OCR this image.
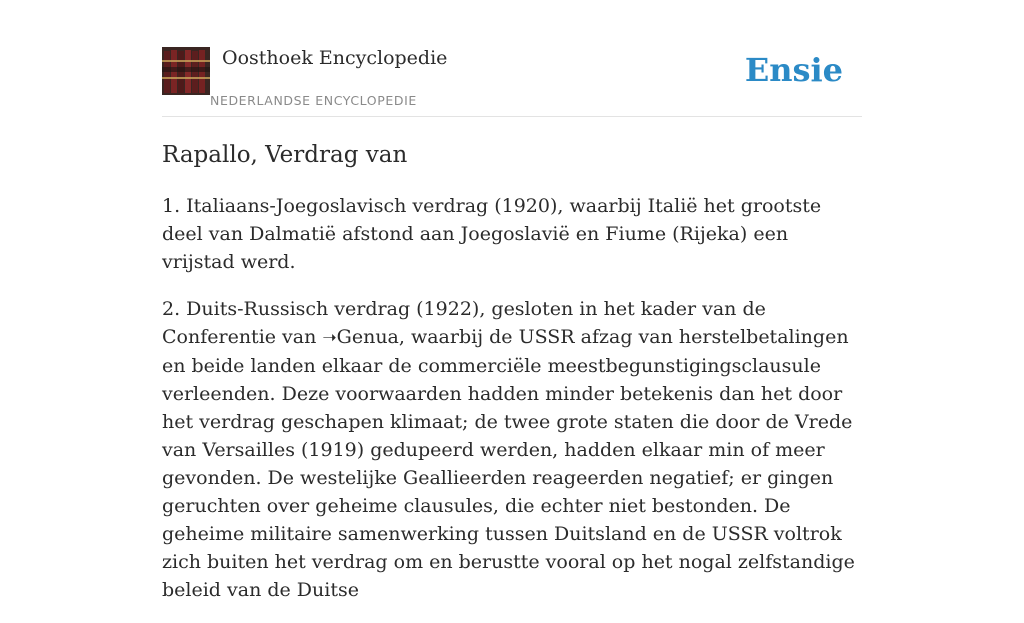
Oosthoek Encyclopedie
NEDERLANDSE ENCYCLOPEDIE
Ensie
Rapallo, Verdrag van

1. Italiaans-Joegoslavisch verdrag (1920), waarbij Italië het grootste deel van Dalmatië afstond aan Joegoslavië en Fiume (Rijeka) een vrijstad werd.

2. Duits-Russisch verdrag (1922), gesloten in het kader van de Conferentie van ➝Genua, waarbij de USSR afzag van herstelbetalingen en beide landen elkaar de commerciële meestbegunstigingsclausule verleenden. Deze voorwaarden hadden minder betekenis dan het door het verdrag geschapen klimaat; de twee grote staten die door de Vrede van Versailles (1919) gedupeerd werden, hadden elkaar min of meer gevonden. De westelijke Geallieerden reageerden negatief; er gingen geruchten over geheime clausules, die echter niet bestonden. De geheime militaire samenwerking tussen Duitsland en de USSR voltrok zich buiten het verdrag om en berustte vooral op het nogal zelfstandige beleid van de Duitse
